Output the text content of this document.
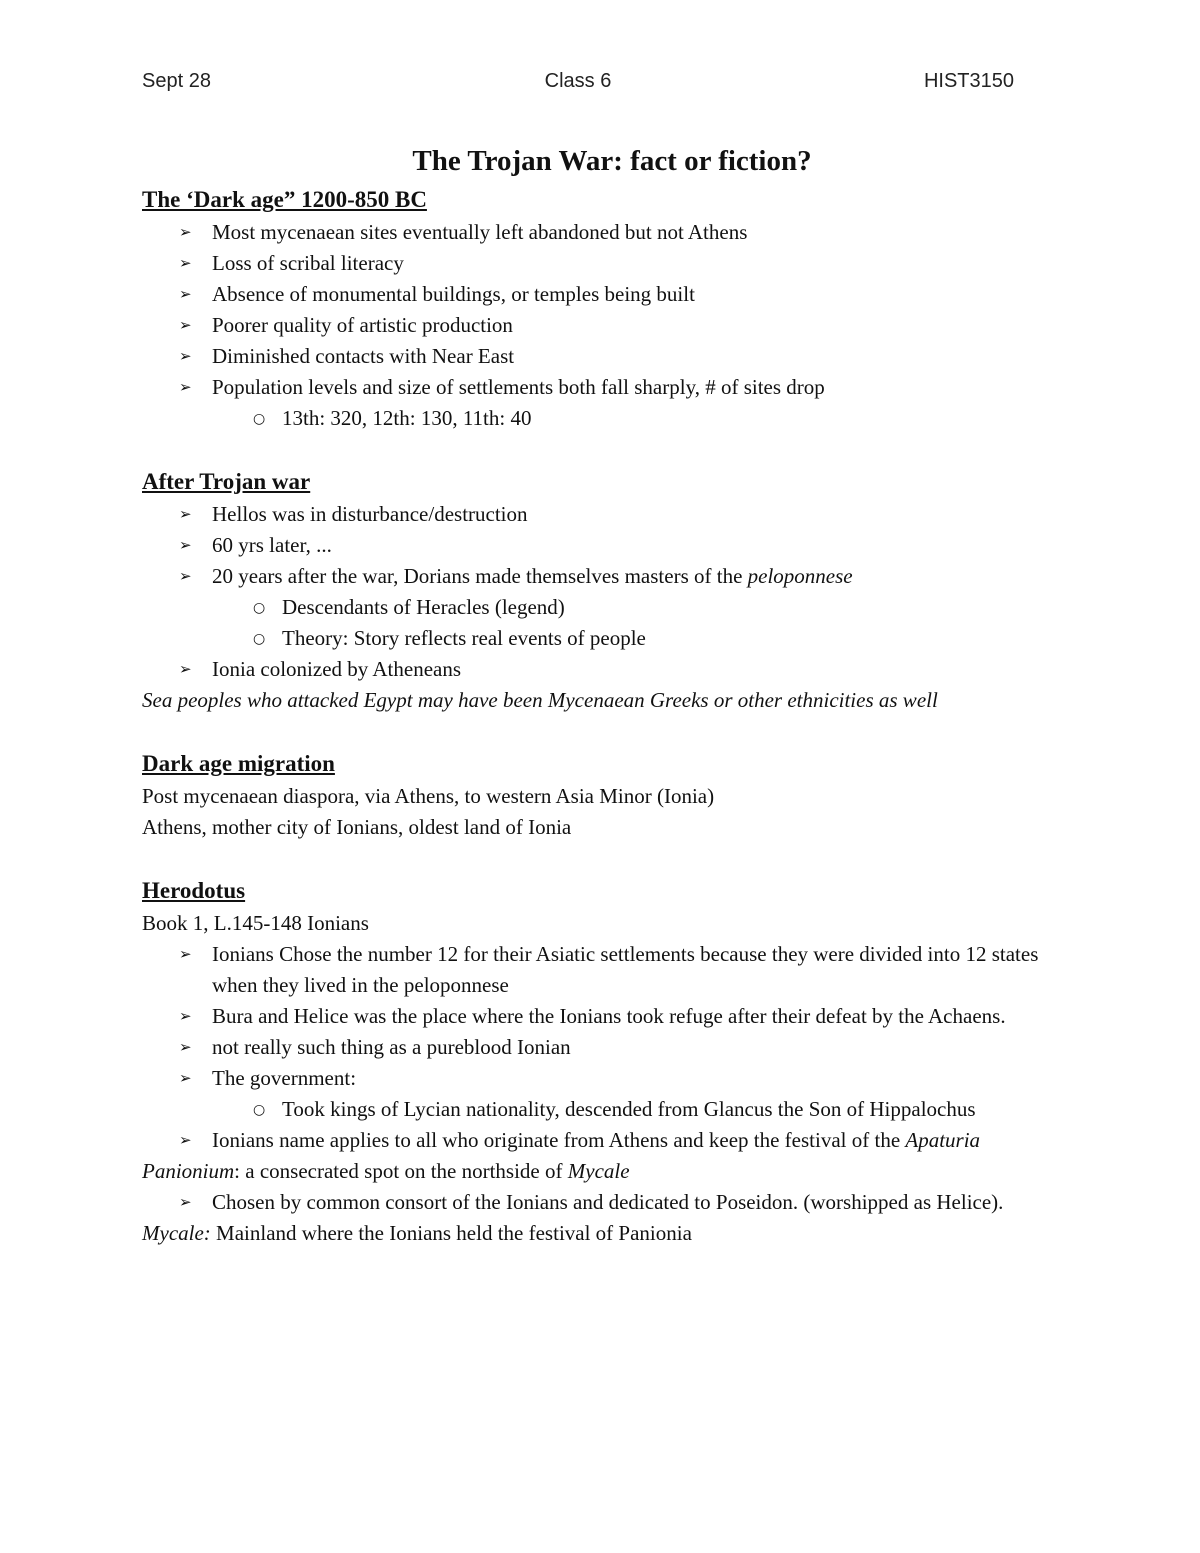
Sept 28	Class 6	HIST3150
The Trojan War: fact or fiction?
The ‘Dark age” 1200-850 BC
➢ Most mycenaean sites eventually left abandoned but not Athens
➢ Loss of scribal literacy
➢ Absence of monumental buildings, or temples being built
➢ Poorer quality of artistic production
➢ Diminished contacts with Near East
➢ Population levels and size of settlements both fall sharply, # of sites drop
○ 13th: 320, 12th: 130, 11th: 40
After Trojan war
➢ Hellos was in disturbance/destruction
➢ 60 yrs later, ...
➢ 20 years after the war, Dorians made themselves masters of the peloponnese
○ Descendants of Heracles (legend)
○ Theory: Story reflects real events of people
➢ Ionia colonized by Atheneans

Sea peoples who attacked Egypt may have been Mycenaean Greeks or other ethnicities as well

Dark age migration

Post mycenaean diaspora, via Athens, to western Asia Minor (Ionia)

Athens, mother city of Ionians, oldest land of Ionia

Herodotus

Book 1, L.145-148 Ionians

➢ Ionians Chose the number 12 for their Asiatic settlements because they were divided into 12 states when they lived in the peloponnese
➢ Bura and Helice was the place where the Ionians took refuge after their defeat by the Achaens.
➢ not really such thing as a pureblood Ionian
➢ The government:
○ Took kings of Lycian nationality, descended from Glancus the Son of Hippalochus
➢ Ionians name applies to all who originate from Athens and keep the festival of the Apaturia

Panionium: a consecrated spot on the northside of Mycale

➢ Chosen by common consort of the Ionians and dedicated to Poseidon. (worshipped as Helice).

Mycale: Mainland where the Ionians held the festival of Panionia
